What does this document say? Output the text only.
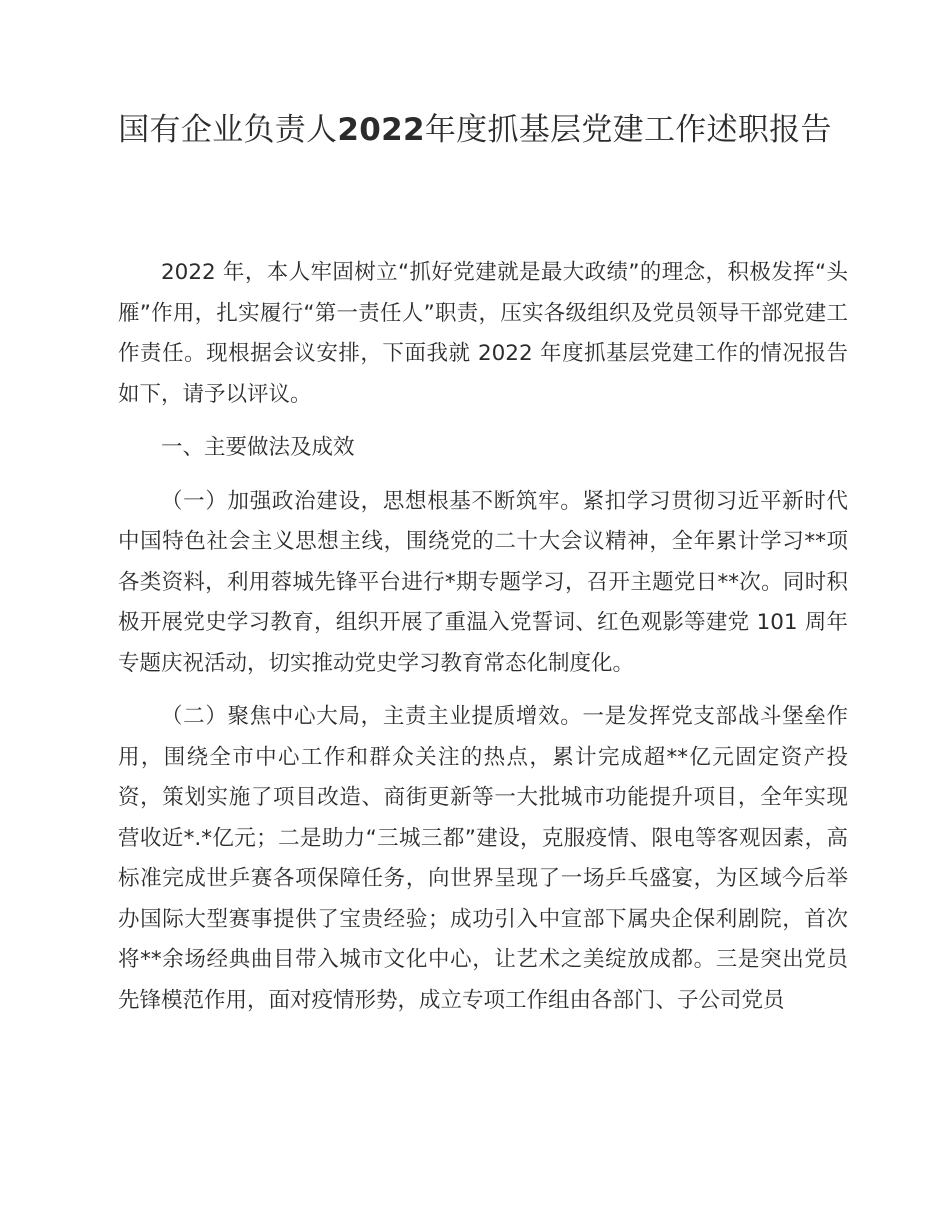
国有企业负责人2022年度抓基层党建工作述职报告

2022 年，本人牢固树立“抓好党建就是最大政绩”的理念，积极发挥“头雁”作用，扎实履行“第一责任人”职责，压实各级组织及党员领导干部党建工作责任。现根据会议安排，下面我就 2022 年度抓基层党建工作的情况报告如下，请予以评议。

一、主要做法及成效

（一）加强政治建设，思想根基不断筑牢。紧扣学习贯彻习近平新时代中国特色社会主义思想主线，围绕党的二十大会议精神，全年累计学习**项各类资料，利用蓉城先锋平台进行*期专题学习，召开主题党日**次。同时积极开展党史学习教育，组织开展了重温入党誓词、红色观影等建党 101 周年专题庆祝活动，切实推动党史学习教育常态化制度化。

（二）聚焦中心大局，主责主业提质增效。一是发挥党支部战斗堡垒作用，围绕全市中心工作和群众关注的热点，累计完成超**亿元固定资产投资，策划实施了项目改造、商街更新等一大批城市功能提升项目，全年实现营收近*.*亿元；二是助力“三城三都”建设，克服疫情、限电等客观因素，高标准完成世乒赛各项保障任务，向世界呈现了一场乒乓盛宴，为区域今后举办国际大型赛事提供了宝贵经验；成功引入中宣部下属央企保利剧院，首次将**余场经典曲目带入城市文化中心，让艺术之美绽放成都。三是突出党员先锋模范作用，面对疫情形势，成立专项工作组由各部门、子公司党员
